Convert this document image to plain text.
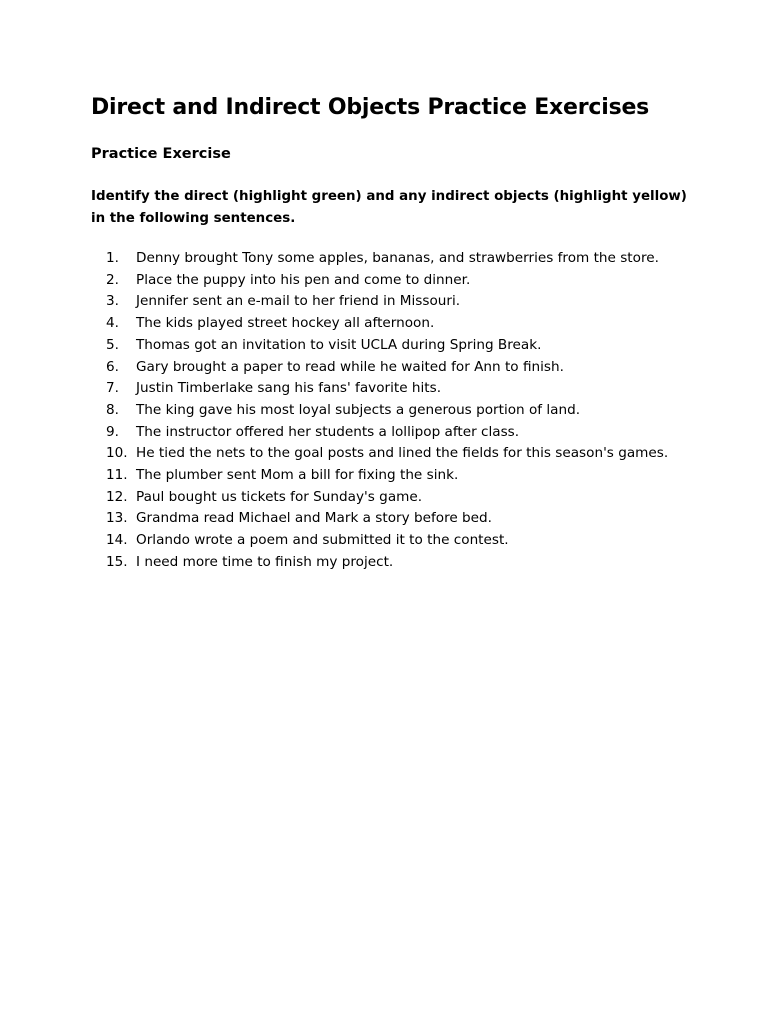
Direct and Indirect Objects Practice Exercises
Practice Exercise
Identify the direct (highlight green) and any indirect objects (highlight yellow) in the following sentences.
1.	Denny brought Tony some apples, bananas, and strawberries from the store.
2.	Place the puppy into his pen and come to dinner.
3.	Jennifer sent an e-mail to her friend in Missouri.
4.	The kids played street hockey all afternoon.
5.	Thomas got an invitation to visit UCLA during Spring Break.
6.	Gary brought a paper to read while he waited for Ann to finish.
7.	Justin Timberlake sang his fans' favorite hits.
8.	The king gave his most loyal subjects a generous portion of land.
9.	The instructor offered her students a lollipop after class.
10. He tied the nets to the goal posts and lined the fields for this season's games.
11. The plumber sent Mom a bill for fixing the sink.
12. Paul bought us tickets for Sunday's game.
13. Grandma read Michael and Mark a story before bed.
14. Orlando wrote a poem and submitted it to the contest.
15. I need more time to finish my project.
